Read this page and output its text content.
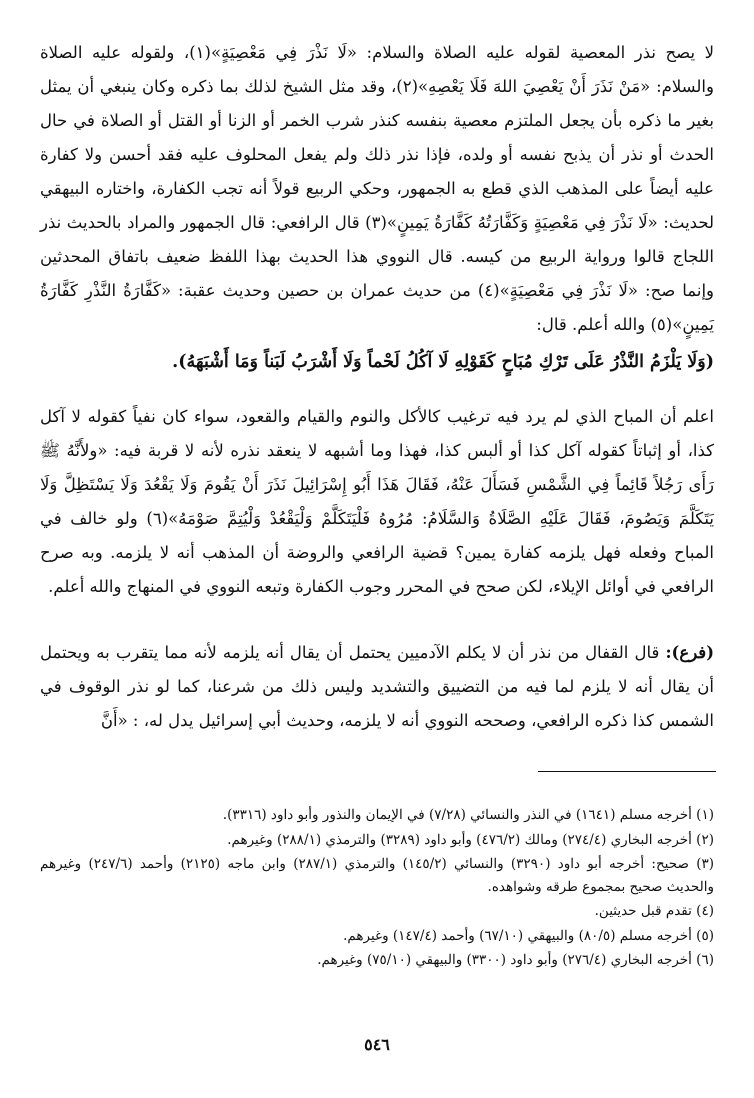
لا يصح نذر المعصية لقوله عليه الصلاة والسلام: «لَا نَذْرَ فِي مَعْصِيَةٍ»(١)، ولقوله عليه الصلاة والسلام: «مَنْ نَذَرَ أَنْ يَعْصِيَ اللهَ فَلَا يَعْصِهِ»(٢)، وقد مثل الشيخ لذلك بما ذكره وكان ينبغي أن يمثل بغير ما ذكره بأن يجعل الملتزم معصية بنفسه كنذر شرب الخمر أو الزنا أو القتل أو الصلاة في حال الحدث أو نذر أن يذبح نفسه أو ولده، فإذا نذر ذلك ولم يفعل المحلوف عليه فقد أحسن ولا كفارة عليه أيضاً على المذهب الذي قطع به الجمهور، وحكي الربيع قولاً أنه تجب الكفارة، واختاره البيهقي لحديث: «لَا نَذْرَ فِي مَعْصِيَةٍ وَكَفَّارَتُهُ كَفَّارَةُ يَمِينٍ»(٣) قال الرافعي: قال الجمهور والمراد بالحديث نذر اللجاج قالوا ورواية الربيع من كيسه. قال النووي هذا الحديث بهذا اللفظ ضعيف باتفاق المحدثين وإنما صح: «لَا نَذْرَ فِي مَعْصِيَةٍ»(٤) من حديث عمران بن حصين وحديث عقبة: «كَفَّارَةُ النَّذْرِ كَفَّارَةُ يَمِينٍ»(٥) والله أعلم. قال:

(وَلَا يَلْزَمُ النَّذْرُ عَلَى تَرْكِ مُبَاحٍ كَقَوْلِهِ لَا آكُلُ لَحْماً وَلَا أَشْرَبُ لَبَناً وَمَا أَشْبَهَهُ).

اعلم أن المباح الذي لم يرد فيه ترغيب كالأكل والنوم والقيام والقعود، سواء كان نفياً كقوله لا آكل كذا، أو إثباتاً كقوله آكل كذا أو ألبس كذا، فهذا وما أشبهه لا ينعقد نذره لأنه لا قربة فيه: «ولأَنَّهُ ﷺ رَأَى رَجُلاً قَائِماً فِي الشَّمْسِ فَسَأَلَ عَنْهُ، فَقَالَ هَذَا أَبُو إِسْرَائِيلَ نَذَرَ أَنْ يَقُومَ وَلَا يَقْعُدَ وَلَا يَسْتَظِلَّ وَلَا يَتَكَلَّمَ وَيَصُومَ، فَقَالَ عَلَيْهِ الصَّلَاةُ وَالسَّلَامُ: مُرُوهُ فَلْيَتَكَلَّمْ وَلْيَقْعُدْ وَلْيُتِمَّ صَوْمَهُ»(٦) ولو خالف في المباح وفعله فهل يلزمه كفارة يمين؟ قضية الرافعي والروضة أن المذهب أنه لا يلزمه. وبه صرح الرافعي في أوائل الإيلاء، لكن صحح في المحرر وجوب الكفارة وتبعه النووي في المنهاج والله أعلم.

(فرع): قال القفال من نذر أن لا يكلم الآدميين يحتمل أن يقال أنه يلزمه لأنه مما يتقرب به ويحتمل أن يقال أنه لا يلزم لما فيه من التضييق والتشديد وليس ذلك من شرعنا، كما لو نذر الوقوف في الشمس كذا ذكره الرافعي، وصححه النووي أنه لا يلزمه، وحديث أبي إسرائيل يدل له، : «أَنَّ

(١) أخرجه مسلم (١٦٤١) في النذر والنسائي (٧/٢٨) في الإيمان والنذور وأبو داود (٣٣١٦).
(٢) أخرجه البخاري (٢٧٤/٤) ومالك (٤٧٦/٢) وأبو داود (٣٢٨٩) والترمذي (٢٨٨/١) وغيرهم.
(٣) صحيح: أخرجه أبو داود (٣٢٩٠) والنسائي (١٤٥/٢) والترمذي (٢٨٧/١) وابن ماجه (٢١٢٥) وأحمد (٢٤٧/٦) وغيرهم والحديث صحيح بمجموع طرقه وشواهده.
(٤) تقدم قبل حديثين.
(٥) أخرجه مسلم (٨٠/٥) والبيهقي (٦٧/١٠) وأحمد (١٤٧/٤) وغيرهم.
(٦) أخرجه البخاري (٢٧٦/٤) وأبو داود (٣٣٠٠) والبيهقي (٧٥/١٠) وغيرهم.
٥٤٦
